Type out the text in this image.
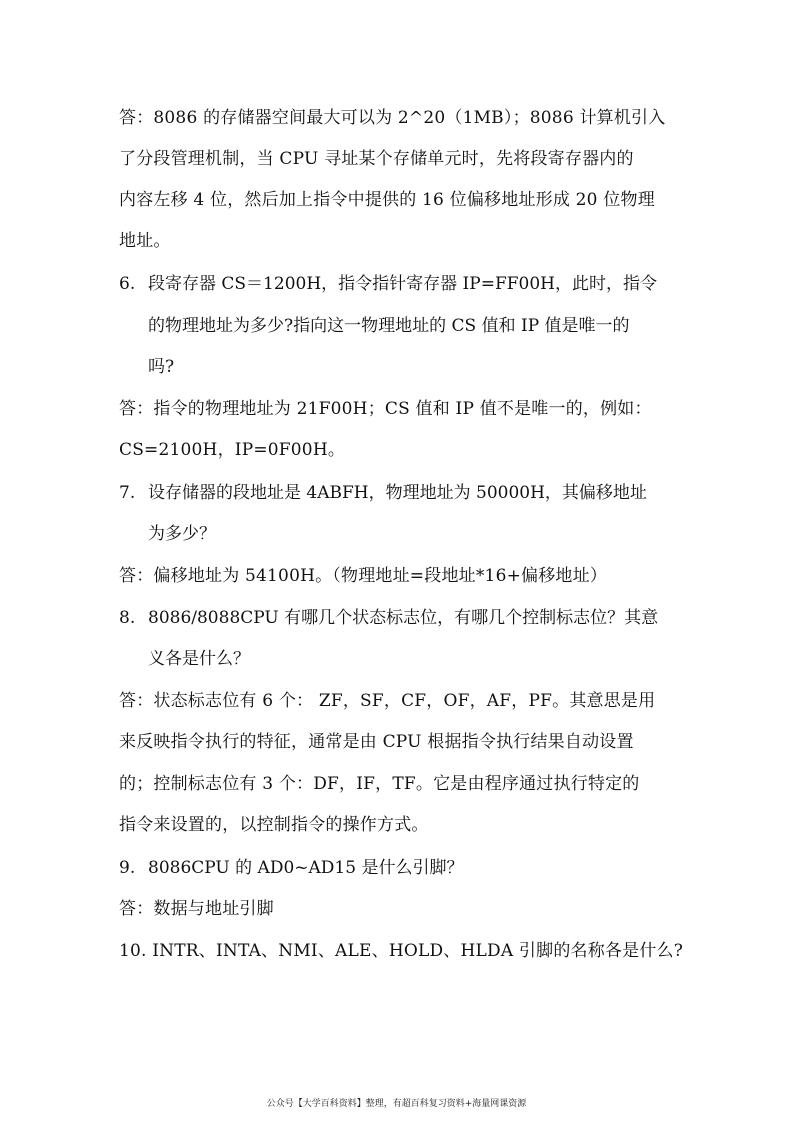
答：8086 的存储器空间最大可以为 2^20（1MB）；8086 计算机引入
了分段管理机制，当 CPU 寻址某个存储单元时，先将段寄存器内的
内容左移 4 位，然后加上指令中提供的 16 位偏移地址形成 20 位物理
地址。
6. 段寄存器 CS＝1200H，指令指针寄存器 IP=FF00H，此时，指令
的物理地址为多少?指向这一物理地址的 CS 值和 IP 值是唯一的
吗?
答：指令的物理地址为 21F00H；CS 值和 IP 值不是唯一的，例如：
CS=2100H，IP=0F00H。
7. 设存储器的段地址是 4ABFH，物理地址为 50000H，其偏移地址
为多少？
答：偏移地址为 54100H。（物理地址=段地址*16+偏移地址）
8. 8086/8088CPU 有哪几个状态标志位，有哪几个控制标志位？其意
义各是什么？
答：状态标志位有 6 个： ZF，SF，CF，OF，AF，PF。其意思是用
来反映指令执行的特征，通常是由 CPU 根据指令执行结果自动设置
的；控制标志位有 3 个：DF，IF，TF。它是由程序通过执行特定的
指令来设置的，以控制指令的操作方式。
9. 8086CPU 的 AD0~AD15 是什么引脚？
答：数据与地址引脚
10. INTR、INTA、NMI、ALE、HOLD、HLDA 引脚的名称各是什么?
公众号【大学百科资料】整理，有超百科复习资料+海量网课资源
